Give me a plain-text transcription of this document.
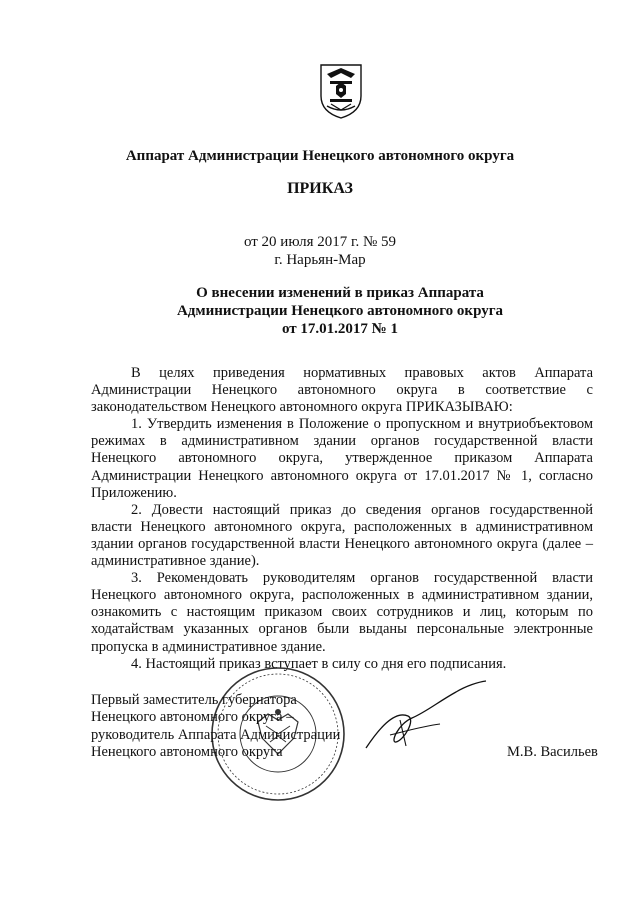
Аппарат Администрации Ненецкого автономного округа
ПРИКАЗ
от 20 июля 2017 г. № 59
г. Нарьян-Мар
О внесении изменений в приказ Аппарата
Администрации Ненецкого автономного округа
от 17.01.2017 № 1

В целях приведения нормативных правовых актов Аппарата Администрации Ненецкого автономного округа в соответствие с законодательством Ненецкого автономного округа ПРИКАЗЫВАЮ:

1. Утвердить изменения в Положение о пропускном и внутриобъектовом режимах в административном здании органов государственной власти Ненецкого автономного округа, утвержденное приказом Аппарата Администрации Ненецкого автономного округа от 17.01.2017 № 1, согласно Приложению.

2. Довести настоящий приказ до сведения органов государственной власти Ненецкого автономного округа, расположенных в административном здании органов государственной власти Ненецкого автономного округа (далее – административное здание).

3. Рекомендовать руководителям органов государственной власти Ненецкого автономного округа, расположенных в административном здании, ознакомить с настоящим приказом своих сотрудников и лиц, которым по ходатайствам указанных органов были выданы персональные электронные пропуска в административное здание.

4. Настоящий приказ вступает в силу со дня его подписания.

Первый заместитель губернатора
Ненецкого автономного округа –
руководитель Аппарата Администрации
Ненецкого автономного округа	М.В. Васильев
